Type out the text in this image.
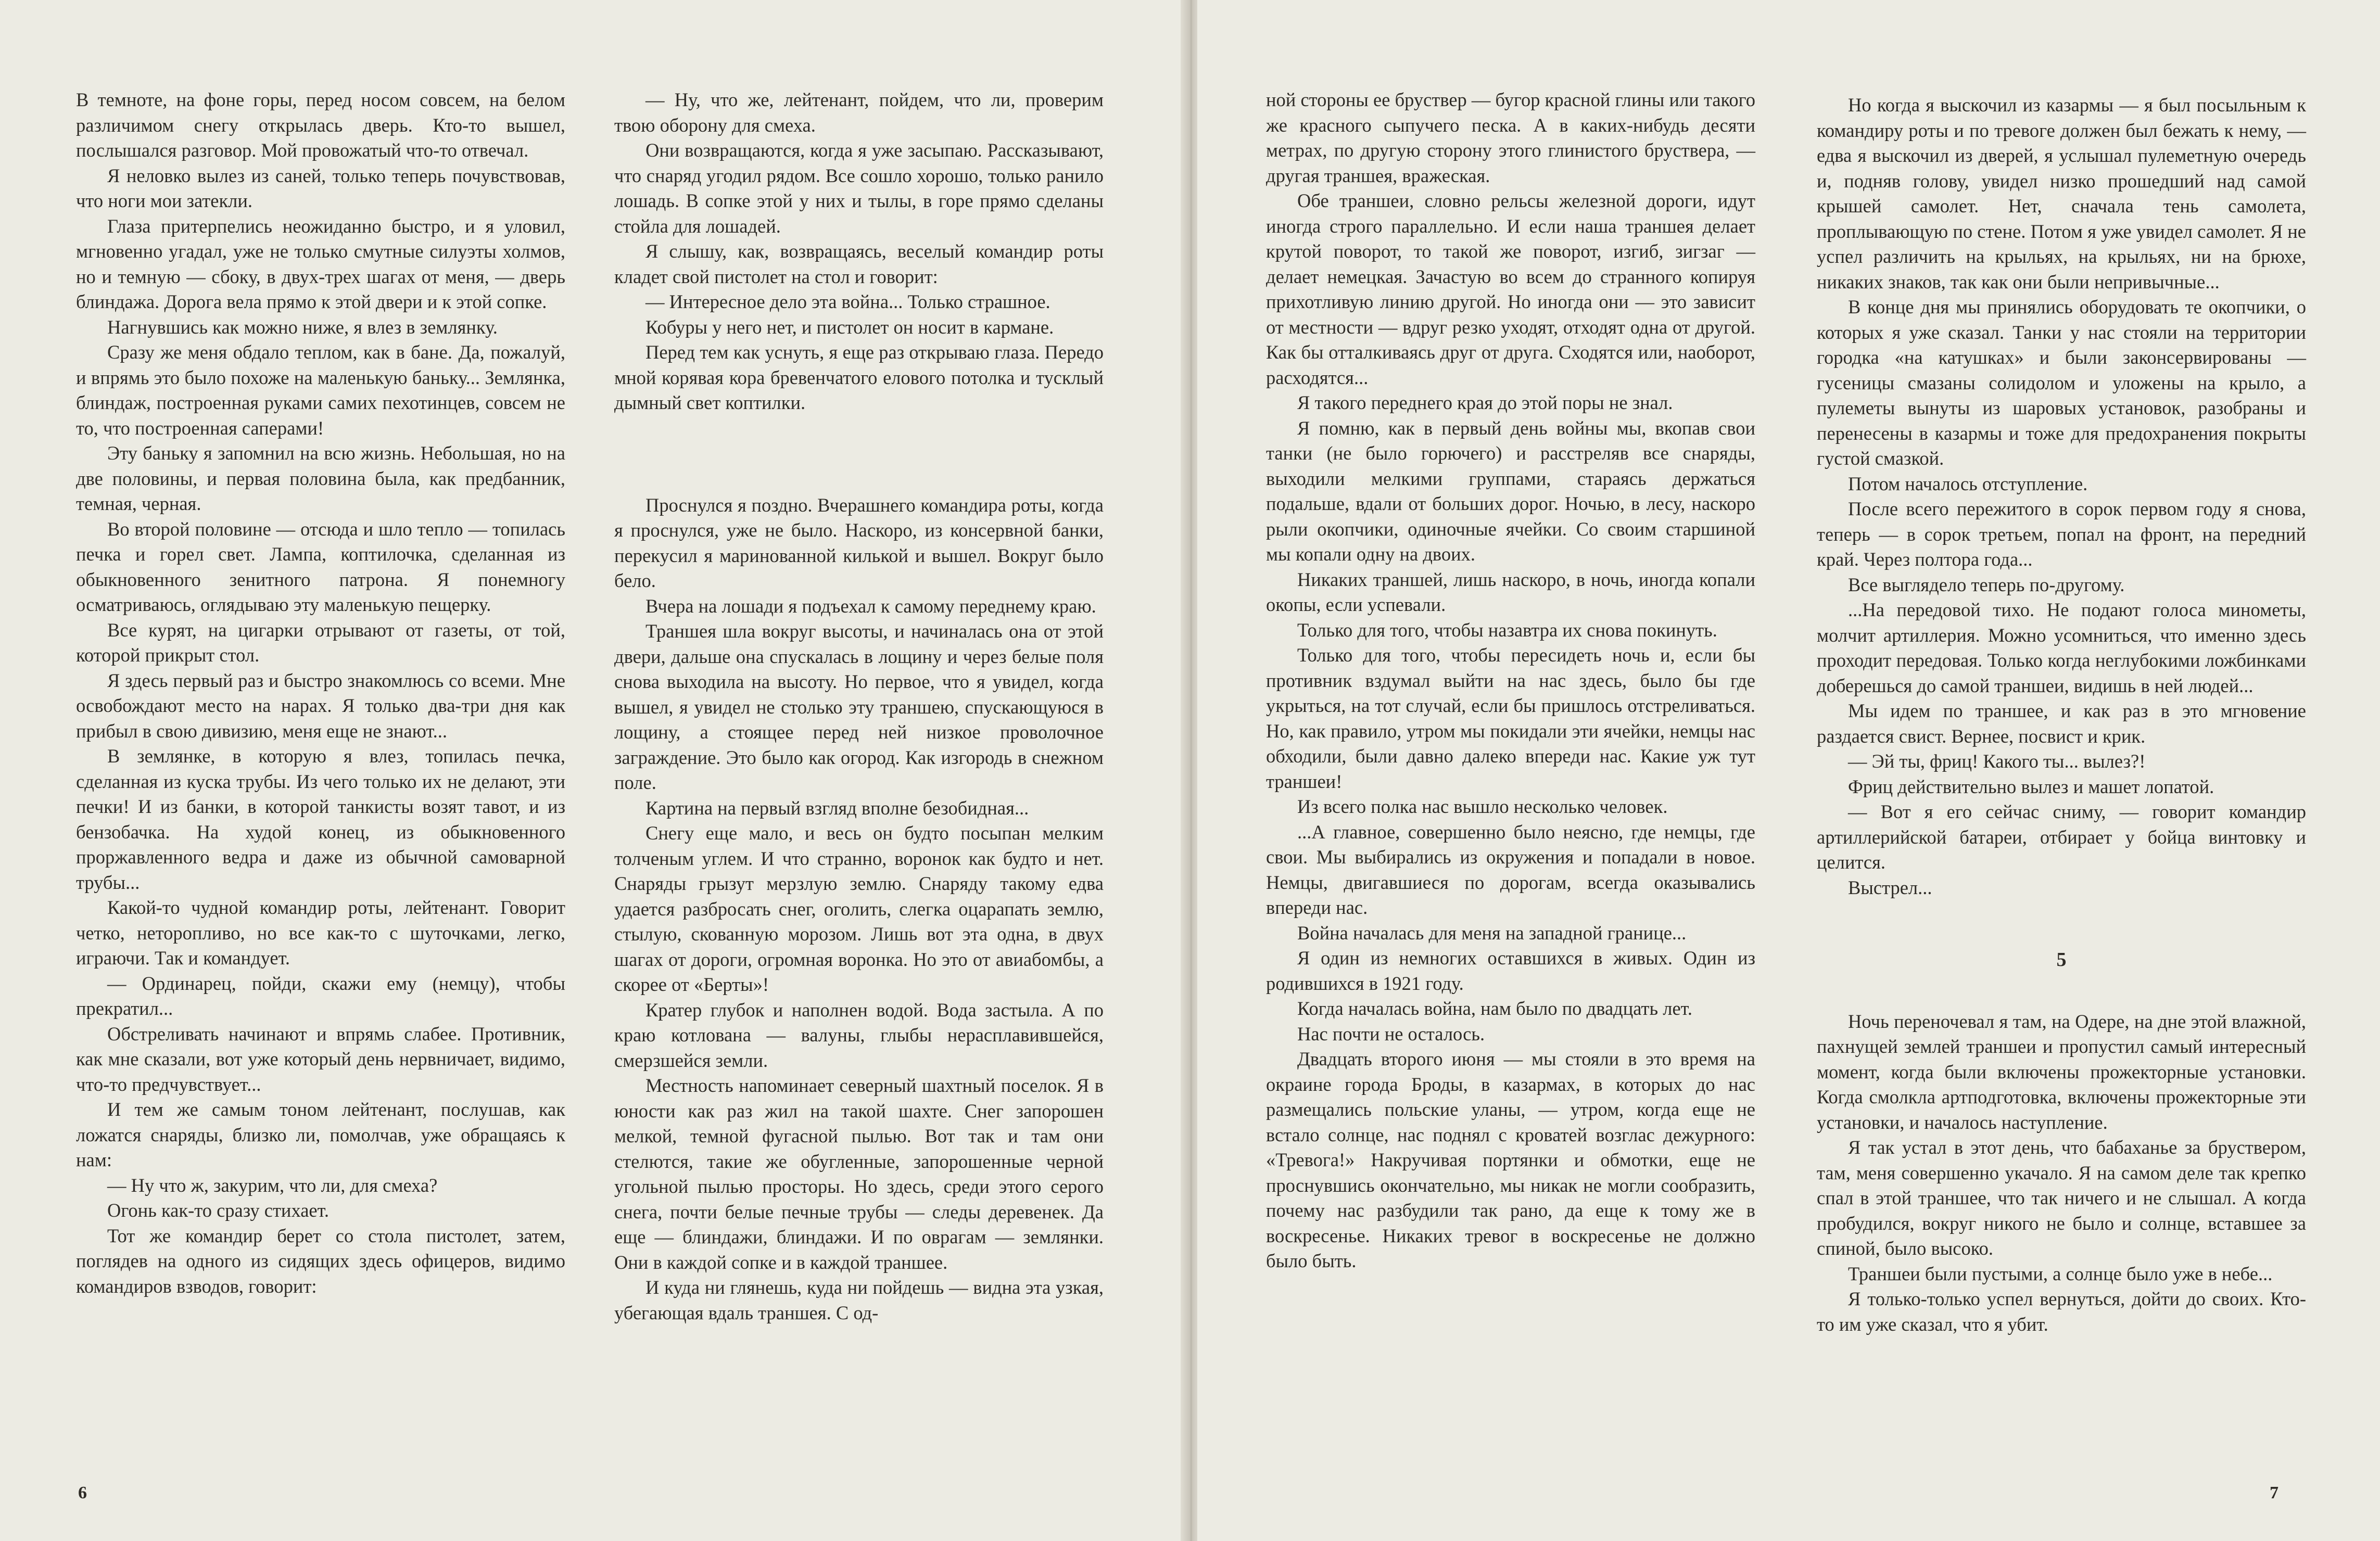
В темноте, на фоне горы, перед носом совсем, на белом различимом снегу открылась дверь. Кто-то вышел, послышался разговор. Мой провожатый что-то отвечал.

Я неловко вылез из саней, только теперь почувствовав, что ноги мои затекли.

Глаза притерпелись неожиданно быстро, и я уловил, мгновенно угадал, уже не только смутные силуэты холмов, но и темную — сбоку, в двух-трех шагах от меня, — дверь блиндажа. Дорога вела прямо к этой двери и к этой сопке.

Нагнувшись как можно ниже, я влез в землянку.

Сразу же меня обдало теплом, как в бане. Да, пожалуй, и впрямь это было похоже на маленькую баньку... Землянка, блиндаж, построенная руками самих пехотинцев, совсем не то, что построенная саперами!

Эту баньку я запомнил на всю жизнь. Небольшая, но на две половины, и первая половина была, как предбанник, темная, черная.

Во второй половине — отсюда и шло тепло — топилась печка и горел свет. Лампа, коптилочка, сделанная из обыкновенного зенитного патрона. Я понемногу осматриваюсь, оглядываю эту маленькую пещерку.

Все курят, на цигарки отрывают от газеты, от той, которой прикрыт стол.

Я здесь первый раз и быстро знакомлюсь со всеми. Мне освобождают место на нарах. Я только два-три дня как прибыл в свою дивизию, меня еще не знают...

В землянке, в которую я влез, топилась печка, сделанная из куска трубы. Из чего только их не делают, эти печки! И из банки, в которой танкисты возят тавот, и из бензобачка. На худой конец, из обыкновенного проржавленного ведра и даже из обычной самоварной трубы...

Какой-то чудной командир роты, лейтенант. Говорит четко, неторопливо, но все как-то с шуточками, легко, играючи. Так и командует.

— Ординарец, пойди, скажи ему (немцу), чтобы прекратил...

Обстреливать начинают и впрямь слабее. Противник, как мне сказали, вот уже который день нервничает, видимо, что-то предчувствует...

И тем же самым тоном лейтенант, послушав, как ложатся снаряды, близко ли, помолчав, уже обращаясь к нам:

— Ну что ж, закурим, что ли, для смеха?

Огонь как-то сразу стихает.

Тот же командир берет со стола пистолет, затем, поглядев на одного из сидящих здесь офицеров, видимо командиров взводов, говорит:

— Ну, что же, лейтенант, пойдем, что ли, проверим твою оборону для смеха.

Они возвращаются, когда я уже засыпаю. Рассказывают, что снаряд угодил рядом. Все сошло хорошо, только ранило лошадь. В сопке этой у них и тылы, в горе прямо сделаны стойла для лошадей.

Я слышу, как, возвращаясь, веселый командир роты кладет свой пистолет на стол и говорит:

— Интересное дело эта война... Только страшное.

Кобуры у него нет, и пистолет он носит в кармане.

Перед тем как уснуть, я еще раз открываю глаза. Передо мной корявая кора бревенчатого елового потолка и тусклый дымный свет коптилки.

Проснулся я поздно. Вчерашнего командира роты, когда я проснулся, уже не было. Наскоро, из консервной банки, перекусил я маринованной килькой и вышел. Вокруг было бело.

Вчера на лошади я подъехал к самому переднему краю.

Траншея шла вокруг высоты, и начиналась она от этой двери, дальше она спускалась в лощину и через белые поля снова выходила на высоту. Но первое, что я увидел, когда вышел, я увидел не столько эту траншею, спускающуюся в лощину, а стоящее перед ней низкое проволочное заграждение. Это было как огород. Как изгородь в снежном поле.

Картина на первый взгляд вполне безобидная...

Снегу еще мало, и весь он будто посыпан мелким толченым углем. И что странно, воронок как будто и нет. Снаряды грызут мерзлую землю. Снаряду такому едва удается разбросать снег, оголить, слегка оцарапать землю, стылую, скованную морозом. Лишь вот эта одна, в двух шагах от дороги, огромная воронка. Но это от авиабомбы, а скорее от «Берты»!

Кратер глубок и наполнен водой. Вода застыла. А по краю котлована — валуны, глыбы нерасплавившейся, смерзшейся земли.

Местность напоминает северный шахтный поселок. Я в юности как раз жил на такой шахте. Снег запорошен мелкой, темной фугасной пылью. Вот так и там они стелются, такие же обугленные, запорошенные черной угольной пылью просторы. Но здесь, среди этого серого снега, почти белые печные трубы — следы деревенек. Да еще — блиндажи, блиндажи. И по оврагам — землянки. Они в каждой сопке и в каждой траншее.

И куда ни глянешь, куда ни пойдешь — видна эта узкая, убегающая вдаль траншея. С од-

6

ной стороны ее бруствер — бугор красной глины или такого же красного сыпучего песка. А в каких-нибудь десяти метрах, по другую сторону этого глинистого бруствера, — другая траншея, вражеская.

Обе траншеи, словно рельсы железной дороги, идут иногда строго параллельно. И если наша траншея делает крутой поворот, то такой же поворот, изгиб, зигзаг — делает немецкая. Зачастую во всем до странного копируя прихотливую линию другой. Но иногда они — это зависит от местности — вдруг резко уходят, отходят одна от другой. Как бы отталкиваясь друг от друга. Сходятся или, наоборот, расходятся...

Я такого переднего края до этой поры не знал.

Я помню, как в первый день войны мы, вкопав свои танки (не было горючего) и расстреляв все снаряды, выходили мелкими группами, стараясь держаться подальше, вдали от больших дорог. Ночью, в лесу, наскоро рыли окопчики, одиночные ячейки. Со своим старшиной мы копали одну на двоих.

Никаких траншей, лишь наскоро, в ночь, иногда копали окопы, если успевали.

Только для того, чтобы назавтра их снова покинуть.

Только для того, чтобы пересидеть ночь и, если бы противник вздумал выйти на нас здесь, было бы где укрыться, на тот случай, если бы пришлось отстреливаться. Но, как правило, утром мы покидали эти ячейки, немцы нас обходили, были давно далеко впереди нас. Какие уж тут траншеи!

Из всего полка нас вышло несколько человек.

...А главное, совершенно было неясно, где немцы, где свои. Мы выбирались из окружения и попадали в новое. Немцы, двигавшиеся по дорогам, всегда оказывались впереди нас.

Война началась для меня на западной границе...

Я один из немногих оставшихся в живых. Один из родившихся в 1921 году.

Когда началась война, нам было по двадцать лет.

Нас почти не осталось.

Двадцать второго июня — мы стояли в это время на окраине города Броды, в казармах, в которых до нас размещались польские уланы, — утром, когда еще не встало солнце, нас поднял с кроватей возглас дежурного: «Тревога!» Накручивая портянки и обмотки, еще не проснувшись окончательно, мы никак не могли сообразить, почему нас разбудили так рано, да еще к тому же в воскресенье. Никаких тревог в воскресенье не должно было быть.

Но когда я выскочил из казармы — я был посыльным к командиру роты и по тревоге должен был бежать к нему, — едва я выскочил из дверей, я услышал пулеметную очередь и, подняв голову, увидел низко прошедший над самой крышей самолет. Нет, сначала тень самолета, проплывающую по стене. Потом я уже увидел самолет. Я не успел различить на крыльях, на крыльях, ни на брюхе, никаких знаков, так как они были непривычные...

В конце дня мы принялись оборудовать те окопчики, о которых я уже сказал. Танки у нас стояли на территории городка «на катушках» и были законсервированы — гусеницы смазаны солидолом и уложены на крыло, а пулеметы вынуты из шаровых установок, разобраны и перенесены в казармы и тоже для предохранения покрыты густой смазкой.

Потом началось отступление.

После всего пережитого в сорок первом году я снова, теперь — в сорок третьем, попал на фронт, на передний край. Через полтора года...

Все выглядело теперь по-другому.

...На передовой тихо. Не подают голоса минометы, молчит артиллерия. Можно усомниться, что именно здесь проходит передовая. Только когда неглубокими ложбинками доберешься до самой траншеи, видишь в ней людей...

Мы идем по траншее, и как раз в это мгновение раздается свист. Вернее, посвист и крик.

— Эй ты, фриц! Какого ты... вылез?!

Фриц действительно вылез и машет лопатой.

— Вот я его сейчас сниму, — говорит командир артиллерийской батареи, отбирает у бойца винтовку и целится.

Выстрел...

5

Ночь переночевал я там, на Одере, на дне этой влажной, пахнущей землей траншеи и пропустил самый интересный момент, когда были включены прожекторные установки. Когда смолкла артподготовка, включены прожекторные эти установки, и началось наступление.

Я так устал в этот день, что бабаханье за бруствером, там, меня совершенно укачало. Я на самом деле так крепко спал в этой траншее, что так ничего и не слышал. А когда пробудился, вокруг никого не было и солнце, вставшее за спиной, было высоко.

Траншеи были пустыми, а солнце было уже в небе...

Я только-только успел вернуться, дойти до своих. Кто-то им уже сказал, что я убит.

7
